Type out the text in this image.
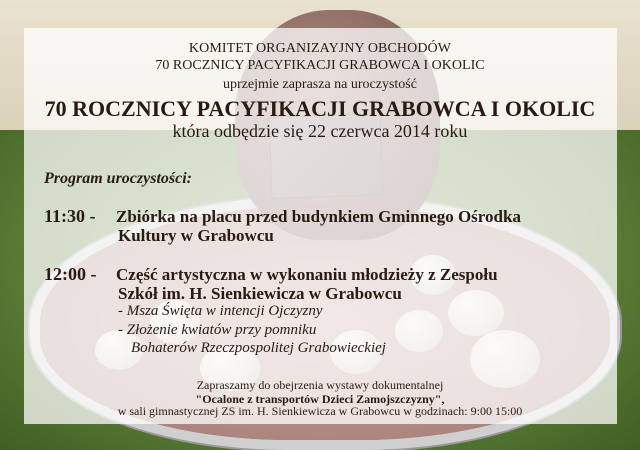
KOMITET ORGANIZAYJNY OBCHODÓW
70 ROCZNICY PACYFIKACJI GRABOWCA I OKOLIC
uprzejmie zaprasza na uroczystość
70 ROCZNICY PACYFIKACJI GRABOWCA I OKOLIC
która odbędzie się 22 czerwca 2014 roku
Program uroczystości:
11:30 - Zbiórka na placu przed budynkiem Gminnego Ośrodka
Kultury w Grabowcu
12:00 - Część artystyczna w wykonaniu młodzieży z Zespołu
Szkół im. H. Sienkiewicza w Grabowcu
- Msza Święta w intencji Ojczyzny
- Złożenie kwiatów przy pomniku
Bohaterów Rzeczpospolitej Grabowieckiej
Zapraszamy do obejrzenia wystawy dokumentalnej
"Ocalone z transportów Dzieci Zamojszczyzny",
w sali gimnastycznej ZS im. H. Sienkiewicza w Grabowcu w godzinach: 9:00 15:00
